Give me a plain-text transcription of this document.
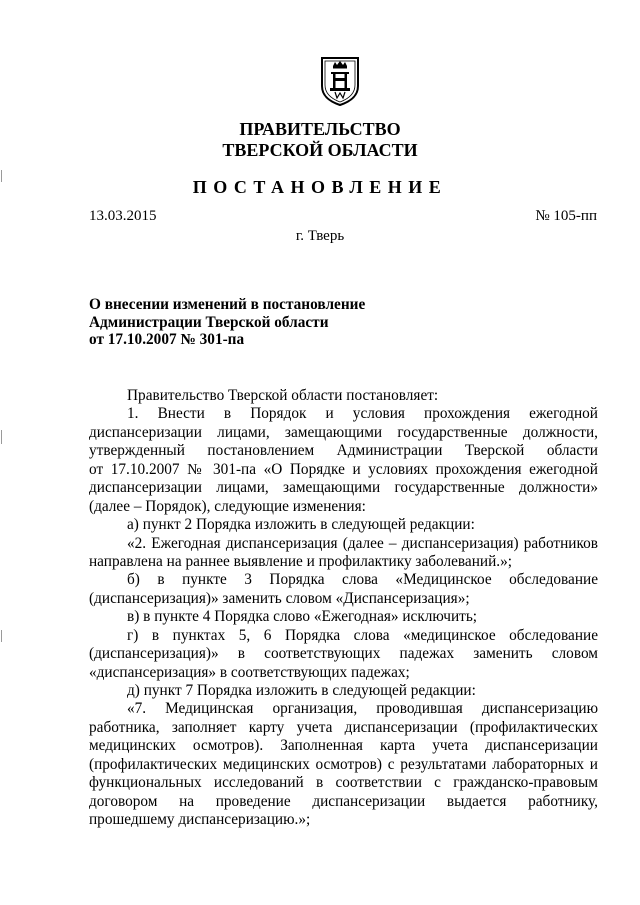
ПРАВИТЕЛЬСТВО
ТВЕРСКОЙ ОБЛАСТИ
ПОСТАНОВЛЕНИЕ
13.03.2015	№ 105-пп
г. Тверь
О внесении изменений в постановление
Администрации Тверской области
от 17.10.2007 № 301-па
Правительство Тверской области постановляет:
1. Внести в Порядок и условия прохождения ежегодной
диспансеризации лицами, замещающими государственные должности,
утвержденный постановлением Администрации Тверской области
от 17.10.2007 № 301-па «О Порядке и условиях прохождения ежегодной
диспансеризации лицами, замещающими государственные должности»
(далее – Порядок), следующие изменения:
а) пункт 2 Порядка изложить в следующей редакции:
«2. Ежегодная диспансеризация (далее – диспансеризация) работников
направлена на раннее выявление и профилактику заболеваний.»;
б) в пункте 3 Порядка слова «Медицинское обследование
(диспансеризация)» заменить словом «Диспансеризация»;
в) в пункте 4 Порядка слово «Ежегодная» исключить;
г) в пунктах 5, 6 Порядка слова «медицинское обследование
(диспансеризация)» в соответствующих падежах заменить словом
«диспансеризация» в соответствующих падежах;
д) пункт 7 Порядка изложить в следующей редакции:
«7. Медицинская организация, проводившая диспансеризацию
работника, заполняет карту учета диспансеризации (профилактических
медицинских осмотров). Заполненная карта учета диспансеризации
(профилактических медицинских осмотров) с результатами лабораторных и
функциональных исследований в соответствии с гражданско-правовым
договором на проведение диспансеризации выдается работнику,
прошедшему диспансеризацию.»;
